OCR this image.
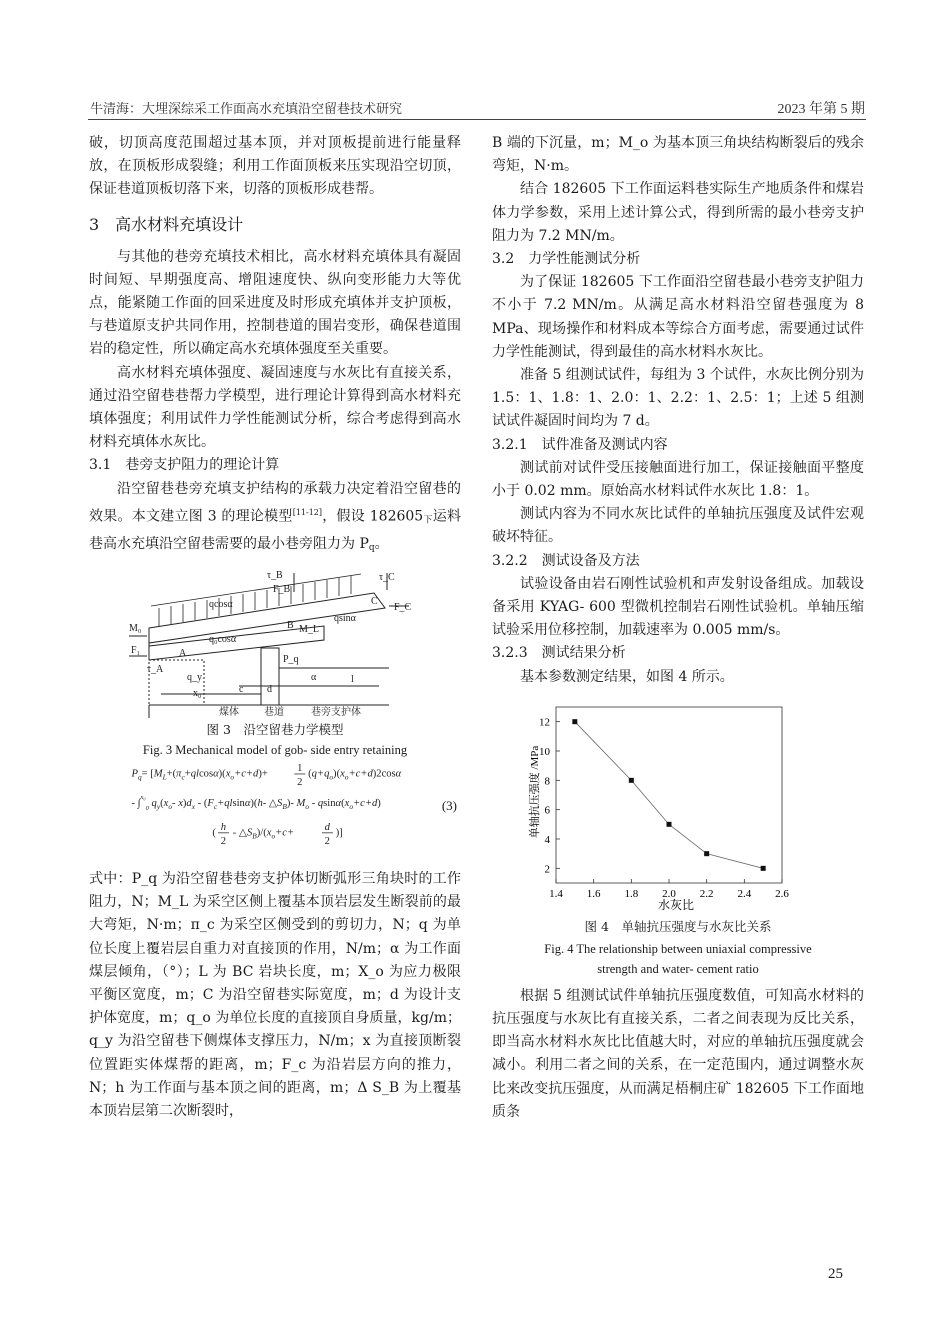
牛清海：大埋深综采工作面高水充填沿空留巷技术研究	2023 年第 5 期

破，切顶高度范围超过基本顶，并对顶板提前进行能量释放，在顶板形成裂缝；利用工作面顶板来压实现沿空切顶，保证巷道顶板切落下来，切落的顶板形成巷帮。

3　高水材料充填设计

与其他的巷旁充填技术相比，高水材料充填体具有凝固时间短、早期强度高、增阻速度快、纵向变形能力大等优点，能紧随工作面的回采进度及时形成充填体并支护顶板，与巷道原支护共同作用，控制巷道的围岩变形，确保巷道围岩的稳定性，所以确定高水充填体强度至关重要。

高水材料充填体强度、凝固速度与水灰比有直接关系，通过沿空留巷巷帮力学模型，进行理论计算得到高水材料充填体强度；利用试件力学性能测试分析，综合考虑得到高水材料充填体水灰比。

3.1　巷旁支护阻力的理论计算

沿空留巷巷旁充填支护结构的承载力决定着沿空留巷的效果。本文建立图 3 的理论模型[11-12]，假设 $182605_下$运料巷高水充填沿空留巷需要的最小巷旁阻力为 $P_q$。

qcosα
qsinα
q₀cosα
M₀
F₁
τ_A
τ_B
F_B
τ_C
F_C
M_L
B
C
A
P_q
α	l
q_y
x₀	c d
煤体	巷道	巷旁支护体
图 3　沿空留巷力学模型
Fig. 3 Mechanical model of gob- side entry retaining
$P_q= [M_L+(\pi_c+qlcos\alpha)(x_o+c+d)+$
1
2
$(q+q_o)(x_o+c+d)2\cos\alpha$
- ∫$^{x_0}_0$ $q_y(x_o-$ $x)d_x - (F_c+qlsin\alpha)(h-$ $\triangle S_B)-$ $M_o - qsin\alpha(x_o+c+d)$
(
h
2
- $\triangle S_B)/(x_o+c+$
d
2
)]
(3)

式中：P_q 为沿空留巷巷旁支护体切断弧形三角块时的工作阻力，N；M_L 为采空区侧上覆基本顶岩层发生断裂前的最大弯矩，N·m；π_c 为采空区侧受到的剪切力，N；q 为单位长度上覆岩层自重力对直接顶的作用，N/m；α 为工作面煤层倾角，（°）；L 为 BC 岩块长度，m；X_o 为应力极限平衡区宽度，m；C 为沿空留巷实际宽度，m；d 为设计支护体宽度，m；q_o 为单位长度的直接顶自身质量，kg/m；q_y 为沿空留巷下侧煤体支撑压力，N/m；x 为直接顶断裂位置距实体煤帮的距离，m；F_c 为沿岩层方向的推力，N；h 为工作面与基本顶之间的距离，m；Δ S_B 为上覆基本顶岩层第二次断裂时，

B 端的下沉量，m；M_o 为基本顶三角块结构断裂后的残余弯矩，N·m。

结合 182605 下工作面运料巷实际生产地质条件和煤岩体力学参数，采用上述计算公式，得到所需的最小巷旁支护阻力为 7.2 MN/m。

3.2　力学性能测试分析

为了保证 182605 下工作面沿空留巷最小巷旁支护阻力不小于 7.2 MN/m。从满足高水材料沿空留巷强度为 8 MPa、现场操作和材料成本等综合方面考虑，需要通过试件力学性能测试，得到最佳的高水材料水灰比。

准备 5 组测试试件，每组为 3 个试件，水灰比例分别为 1.5：1、1.8：1、2.0：1、2.2：1、2.5：1；上述 5 组测试试件凝固时间均为 7 d。

3.2.1　试件准备及测试内容

测试前对试件受压接触面进行加工，保证接触面平整度小于 0.02 mm。原始高水材料试件水灰比 1.8：1。

测试内容为不同水灰比试件的单轴抗压强度及试件宏观破坏特征。

3.2.2　测试设备及方法

试验设备由岩石刚性试验机和声发射设备组成。加载设备采用 KYAG- 600 型微机控制岩石刚性试验机。单轴压缩试验采用位移控制，加载速率为 0.005 mm/s。

3.2.3　测试结果分析

基本参数测定结果，如图 4 所示。

1.4 1.6 1.8 2.0 2.2 2.4 2.6
2
4
6
8
10
12
水灰比
单轴抗压强度 /MPa
图 4　单轴抗压强度与水灰比关系
Fig. 4 The relationship between uniaxial compressive
strength and water- cement ratio

根据 5 组测试试件单轴抗压强度数值，可知高水材料的抗压强度与水灰比有直接关系，二者之间表现为反比关系，即当高水材料水灰比比值越大时，对应的单轴抗压强度就会减小。利用二者之间的关系，在一定范围内，通过调整水灰比来改变抗压强度，从而满足梧桐庄矿 182605 下工作面地质条

25
